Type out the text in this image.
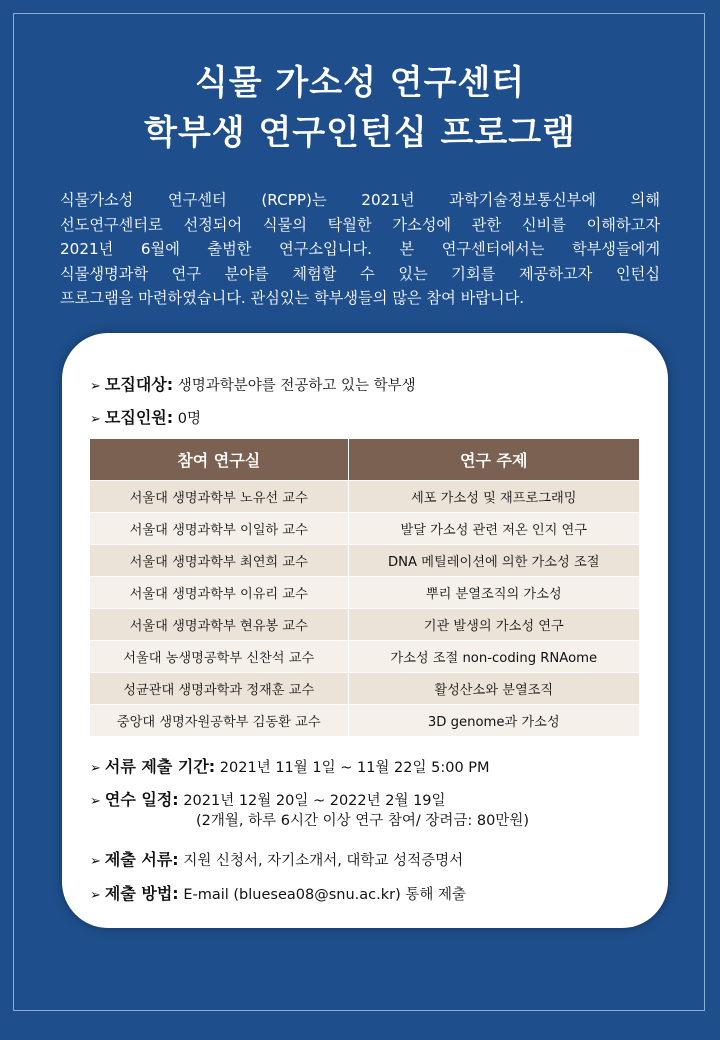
식물 가소성 연구센터
학부생 연구인턴십 프로그램
식물가소성 연구센터 (RCPP)는 2021년 과학기술정보통신부에 의해
선도연구센터로 선정되어 식물의 탁월한 가소성에 관한 신비를 이해하고자
2021년 6월에 출범한 연구소입니다. 본 연구센터에서는 학부생들에게
식물생명과학 연구 분야를 체험할 수 있는 기회를 제공하고자 인턴십
프로그램을 마련하였습니다. 관심있는 학부생들의 많은 참여 바랍니다.
➢ 모집대상: 생명과학분야를 전공하고 있는 학부생
➢ 모집인원: 0명
참여 연구실	연구 주제
서울대 생명과학부 노유선 교수	세포 가소성 및 재프로그래밍
서울대 생명과학부 이일하 교수	발달 가소성 관련 저온 인지 연구
서울대 생명과학부 최연희 교수	DNA 메틸레이션에 의한 가소성 조절
서울대 생명과학부 이유리 교수	뿌리 분열조직의 가소성
서울대 생명과학부 현유봉 교수	기관 발생의 가소성 연구
서울대 농생명공학부 신찬석 교수	가소성 조절 non-coding RNAome
성균관대 생명과학과 정재훈 교수	활성산소와 분열조직
중앙대 생명자원공학부 김동환 교수	3D genome과 가소성
➢ 서류 제출 기간: 2021년 11월 1일 ~ 11월 22일 5:00 PM
➢ 연수 일정: 2021년 12월 20일 ~ 2022년 2월 19일
(2개월, 하루 6시간 이상 연구 참여/ 장려금: 80만원)
➢ 제출 서류: 지원 신청서, 자기소개서, 대학교 성적증명서
➢ 제출 방법: E-mail (bluesea08@snu.ac.kr) 통해 제출
